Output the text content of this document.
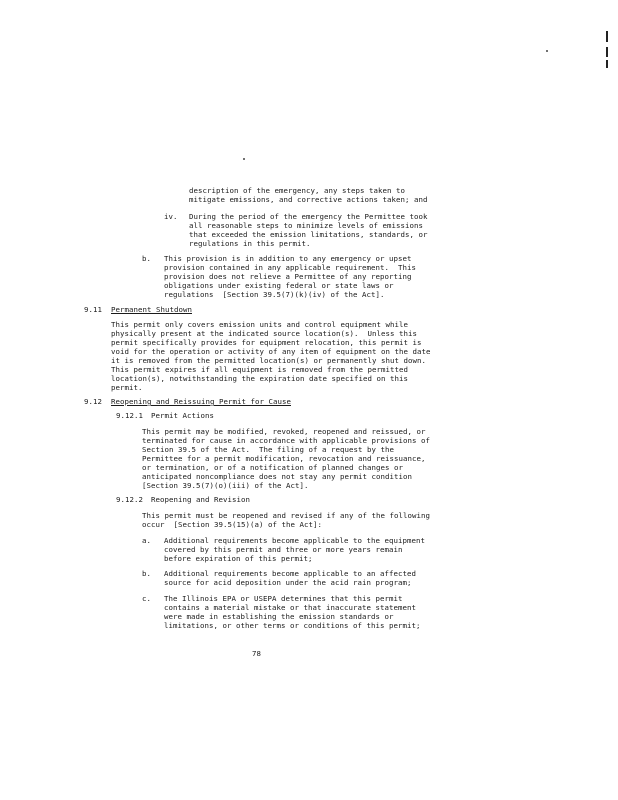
description of the emergency, any steps taken to
mitigate emissions, and corrective actions taken; and
iv. During the period of the emergency the Permittee took
all reasonable steps to minimize levels of emissions
that exceeded the emission limitations, standards, or
regulations in this permit.
b. This provision is in addition to any emergency or upset
provision contained in any applicable requirement.  This
provision does not relieve a Permittee of any reporting
obligations under existing federal or state laws or
regulations  [Section 39.5(7)(k)(iv) of the Act].
9.11 Permanent Shutdown
This permit only covers emission units and control equipment while
physically present at the indicated source location(s).  Unless this
permit specifically provides for equipment relocation, this permit is
void for the operation or activity of any item of equipment on the date
it is removed from the permitted location(s) or permanently shut down.
This permit expires if all equipment is removed from the permitted
location(s), notwithstanding the expiration date specified on this
permit.
9.12 Reopening and Reissuing Permit for Cause
9.12.1 Permit Actions
This permit may be modified, revoked, reopened and reissued, or
terminated for cause in accordance with applicable provisions of
Section 39.5 of the Act.  The filing of a request by the
Permittee for a permit modification, revocation and reissuance,
or termination, or of a notification of planned changes or
anticipated noncompliance does not stay any permit condition
[Section 39.5(7)(o)(iii) of the Act].
9.12.2 Reopening and Revision
This permit must be reopened and revised if any of the following
occur  [Section 39.5(15)(a) of the Act]:
a. Additional requirements become applicable to the equipment
covered by this permit and three or more years remain
before expiration of this permit;
b. Additional requirements become applicable to an affected
source for acid deposition under the acid rain program;
c. The Illinois EPA or USEPA determines that this permit
contains a material mistake or that inaccurate statement
were made in establishing the emission standards or
limitations, or other terms or conditions of this permit;
78
